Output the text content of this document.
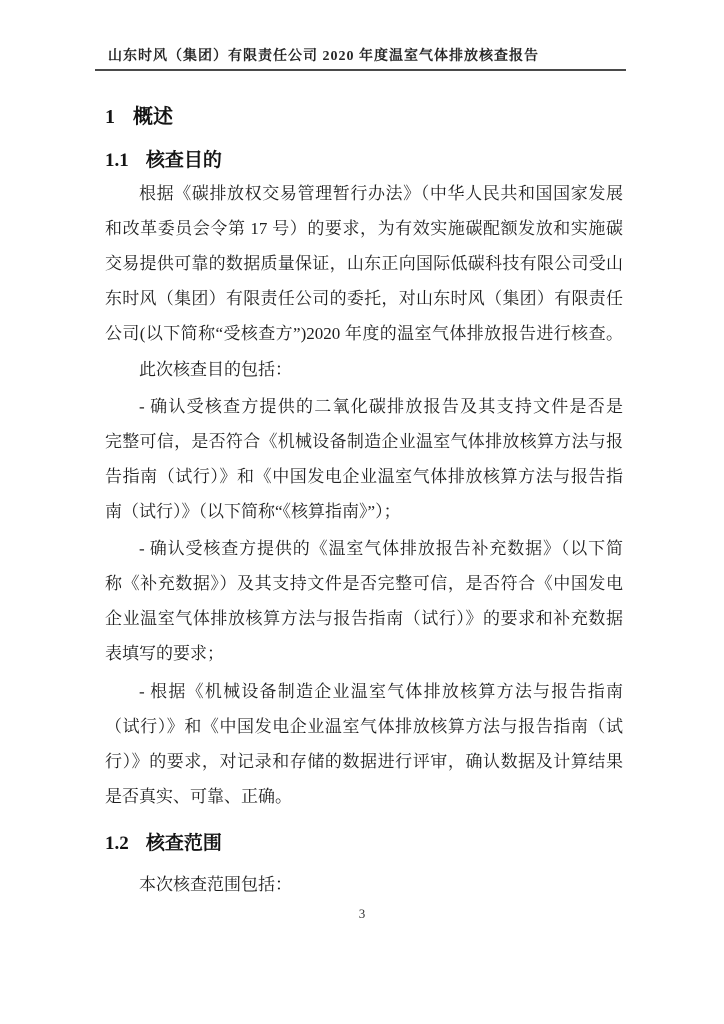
山东时风（集团）有限责任公司 2020 年度温室气体排放核查报告
1 概述
1.1 核查目的
根据《碳排放权交易管理暂行办法》（中华人民共和国国家发展
和改革委员会令第 17 号）的要求，为有效实施碳配额发放和实施碳
交易提供可靠的数据质量保证，山东正向国际低碳科技有限公司受山
东时风（集团）有限责任公司的委托，对山东时风（集团）有限责任
公司(以下简称“受核查方”)2020 年度的温室气体排放报告进行核查。
此次核查目的包括：
- 确认受核查方提供的二氧化碳排放报告及其支持文件是否是
完整可信，是否符合《机械设备制造企业温室气体排放核算方法与报
告指南（试行）》和《中国发电企业温室气体排放核算方法与报告指
南（试行）》（以下简称“《核算指南》”）；
- 确认受核查方提供的《温室气体排放报告补充数据》（以下简
称《补充数据》）及其支持文件是否完整可信，是否符合《中国发电
企业温室气体排放核算方法与报告指南（试行）》的要求和补充数据
表填写的要求；
- 根据《机械设备制造企业温室气体排放核算方法与报告指南
（试行）》和《中国发电企业温室气体排放核算方法与报告指南（试
行）》的要求，对记录和存储的数据进行评审，确认数据及计算结果
是否真实、可靠、正确。
1.2 核查范围
本次核查范围包括：
3
